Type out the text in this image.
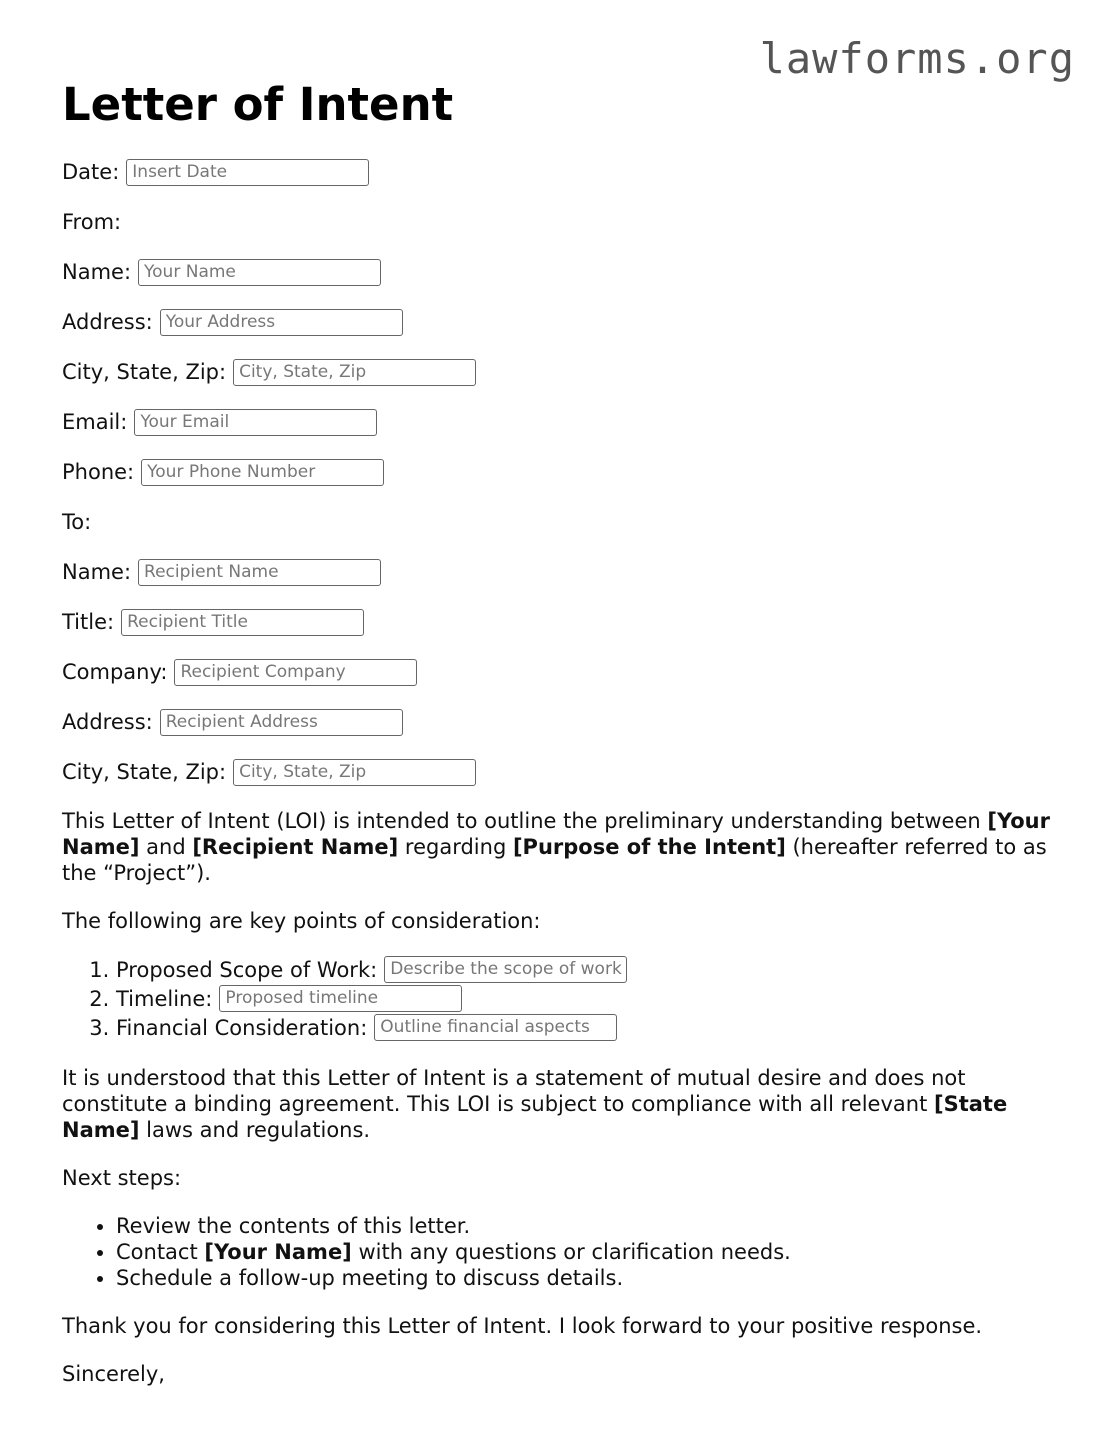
lawforms.org
Letter of Intent
Date: Insert Date
From:
Name: Your Name
Address: Your Address
City, State, Zip: City, State, Zip
Email: Your Email
Phone: Your Phone Number
To:
Name: Recipient Name
Title: Recipient Title
Company: Recipient Company
Address: Recipient Address
City, State, Zip: City, State, Zip

This Letter of Intent (LOI) is intended to outline the preliminary understanding between [Your Name] and [Recipient Name] regarding [Purpose of the Intent] (hereafter referred to as the “Project”).

The following are key points of consideration:

1. Proposed Scope of Work: Describe the scope of work
2. Timeline: Proposed timeline
3. Financial Consideration: Outline financial aspects

It is understood that this Letter of Intent is a statement of mutual desire and does not constitute a binding agreement. This LOI is subject to compliance with all relevant [State Name] laws and regulations.

Next steps:

• Review the contents of this letter.
• Contact [Your Name] with any questions or clarification needs.
• Schedule a follow-up meeting to discuss details.

Thank you for considering this Letter of Intent. I look forward to your positive response.

Sincerely,
